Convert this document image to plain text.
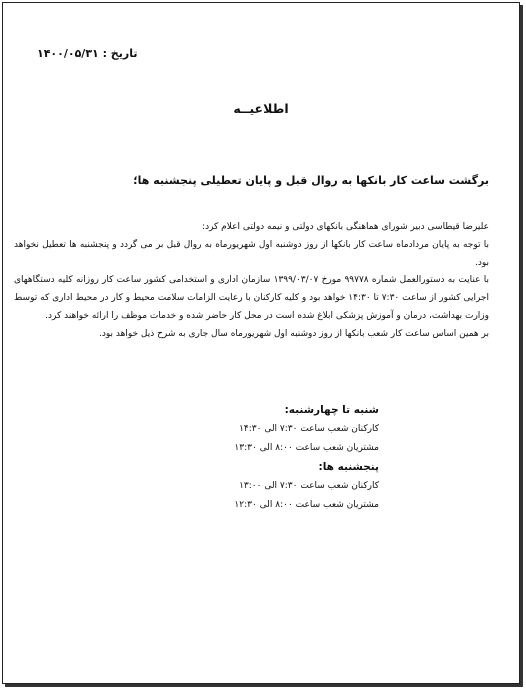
تاریخ : ۱۴۰۰/۰۵/۳۱
اطلاعیــه
برگشت ساعت کار بانکها به روال قبل و پایان تعطیلی پنجشنبه ها؛

علیرضا قیطاسی دبیر شورای هماهنگی بانکهای دولتی و نیمه دولتی اعلام کرد:

با توجه به پایان مردادماه ساعت کار بانکها از روز دوشنبه اول شهریورماه به روال قبل بر می گردد و پنجشنبه ها تعطیل نخواهد بود.

با عنایت به دستورالعمل شماره ۹۹۷۷۸ مورخ ۱۳۹۹/۰۳/۰۷ سازمان اداری و استخدامی کشور ساعت کار روزانه کلیه دستگاههای اجرایی کشور از ساعت ۷:۳۰ تا ۱۴:۳۰ خواهد بود و کلیه کارکنان با رعایت الزامات سلامت محیط و کار در محیط اداری که توسط وزارت بهداشت، درمان و آموزش پزشکی ابلاغ شده است در محل کار حاضر شده و خدمات موظف را ارائه خواهند کرد.

بر همین اساس ساعت کار شعب بانکها از روز دوشنبه اول شهریورماه سال جاری به شرح ذیل خواهد بود.

شنبه تا چهارشنبه:
کارکنان شعب ساعت ۷:۳۰ الی ۱۴:۳۰
مشتریان شعب ساعت ۸:۰۰ الی ۱۳:۳۰
پنجشنبه ها:
کارکنان شعب ساعت ۷:۳۰ الی ۱۳:۰۰
مشتریان شعب ساعت ۸:۰۰ الی ۱۲:۳۰
